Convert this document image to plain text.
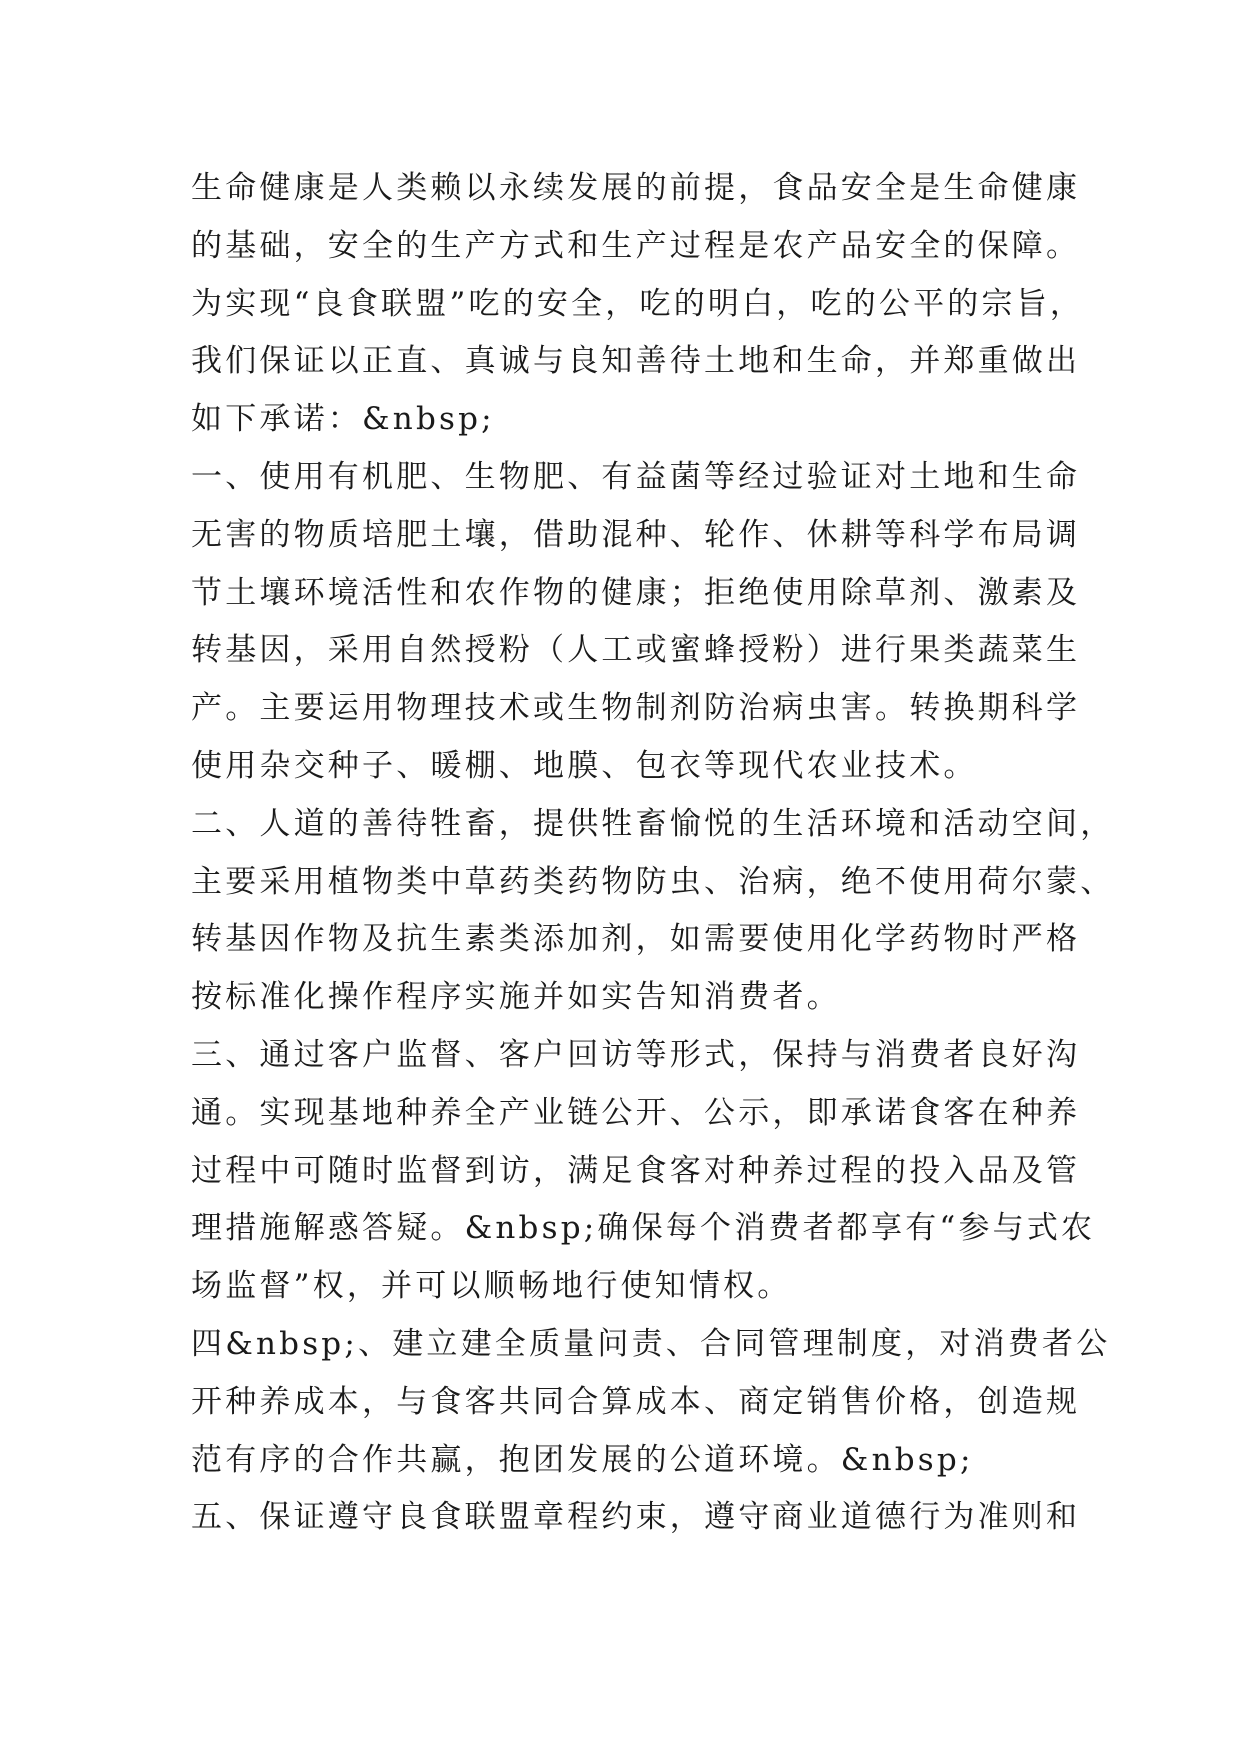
生命健康是人类赖以永续发展的前提，食品安全是生命健康
的基础，安全的生产方式和生产过程是农产品安全的保障。
为实现“良食联盟”吃的安全，吃的明白，吃的公平的宗旨，
我们保证以正直、真诚与良知善待土地和生命，并郑重做出
如下承诺：&nbsp;
一、使用有机肥、生物肥、有益菌等经过验证对土地和生命
无害的物质培肥土壤，借助混种、轮作、休耕等科学布局调
节土壤环境活性和农作物的健康；拒绝使用除草剂、激素及
转基因，采用自然授粉（人工或蜜蜂授粉）进行果类蔬菜生
产。主要运用物理技术或生物制剂防治病虫害。转换期科学
使用杂交种子、暖棚、地膜、包衣等现代农业技术。
二、人道的善待牲畜，提供牲畜愉悦的生活环境和活动空间，
主要采用植物类中草药类药物防虫、治病，绝不使用荷尔蒙、
转基因作物及抗生素类添加剂，如需要使用化学药物时严格
按标准化操作程序实施并如实告知消费者。
三、通过客户监督、客户回访等形式，保持与消费者良好沟
通。实现基地种养全产业链公开、公示，即承诺食客在种养
过程中可随时监督到访，满足食客对种养过程的投入品及管
理措施解惑答疑。&nbsp;确保每个消费者都享有“参与式农
场监督”权，并可以顺畅地行使知情权。
四&nbsp;、建立建全质量问责、合同管理制度，对消费者公
开种养成本，与食客共同合算成本、商定销售价格，创造规
范有序的合作共赢，抱团发展的公道环境。&nbsp;
五、保证遵守良食联盟章程约束，遵守商业道德行为准则和
